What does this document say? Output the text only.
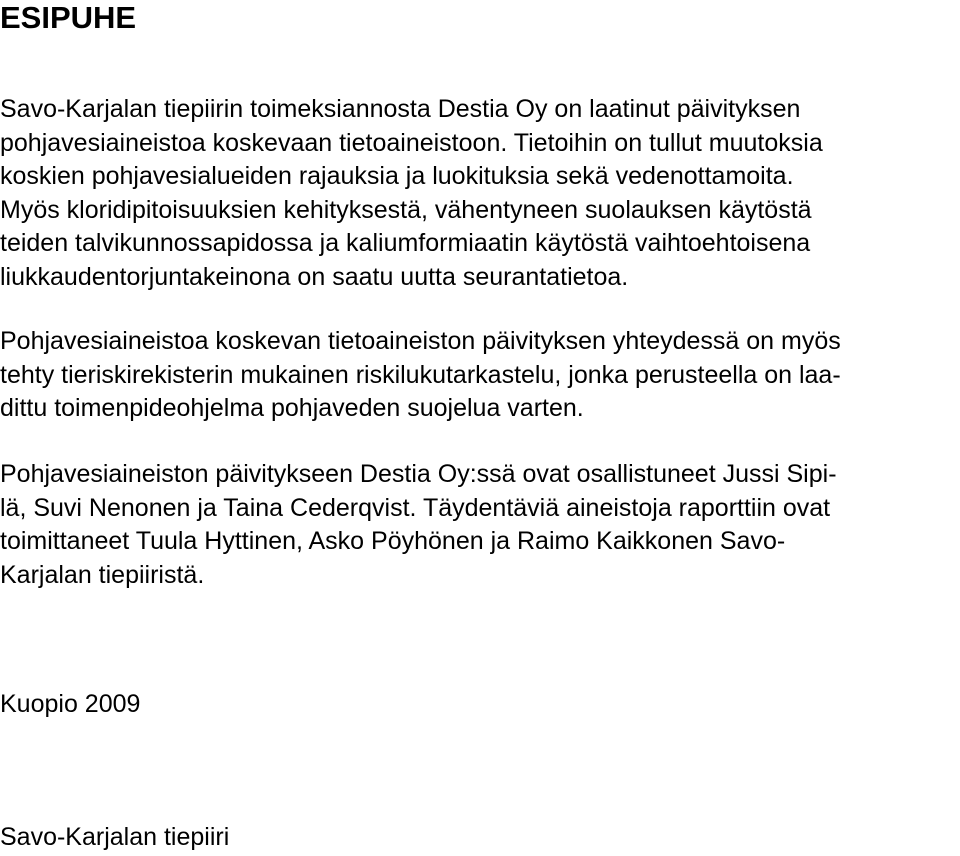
ESIPUHE
Savo-Karjalan tiepiirin toimeksiannosta Destia Oy on laatinut päivityksen
pohjavesiaineistoa koskevaan tietoaineistoon. Tietoihin on tullut muutoksia
koskien pohjavesialueiden rajauksia ja luokituksia sekä vedenottamoita.
Myös kloridipitoisuuksien kehityksestä, vähentyneen suolauksen käytöstä
teiden talvikunnossapidossa ja kaliumformiaatin käytöstä vaihtoehtoisena
liukkaudentorjuntakeinona on saatu uutta seurantatietoa.
Pohjavesiaineistoa koskevan tietoaineiston päivityksen yhteydessä on myös
tehty tieriskirekisterin mukainen riskilukutarkastelu, jonka perusteella on laa-
dittu toimenpideohjelma pohjaveden suojelua varten.
Pohjavesiaineiston päivitykseen Destia Oy:ssä ovat osallistuneet Jussi Sipi-
lä, Suvi Nenonen ja Taina Cederqvist. Täydentäviä aineistoja raporttiin ovat
toimittaneet Tuula Hyttinen, Asko Pöyhönen ja Raimo Kaikkonen Savo-
Karjalan tiepiiristä.
Kuopio 2009
Savo-Karjalan tiepiiri
